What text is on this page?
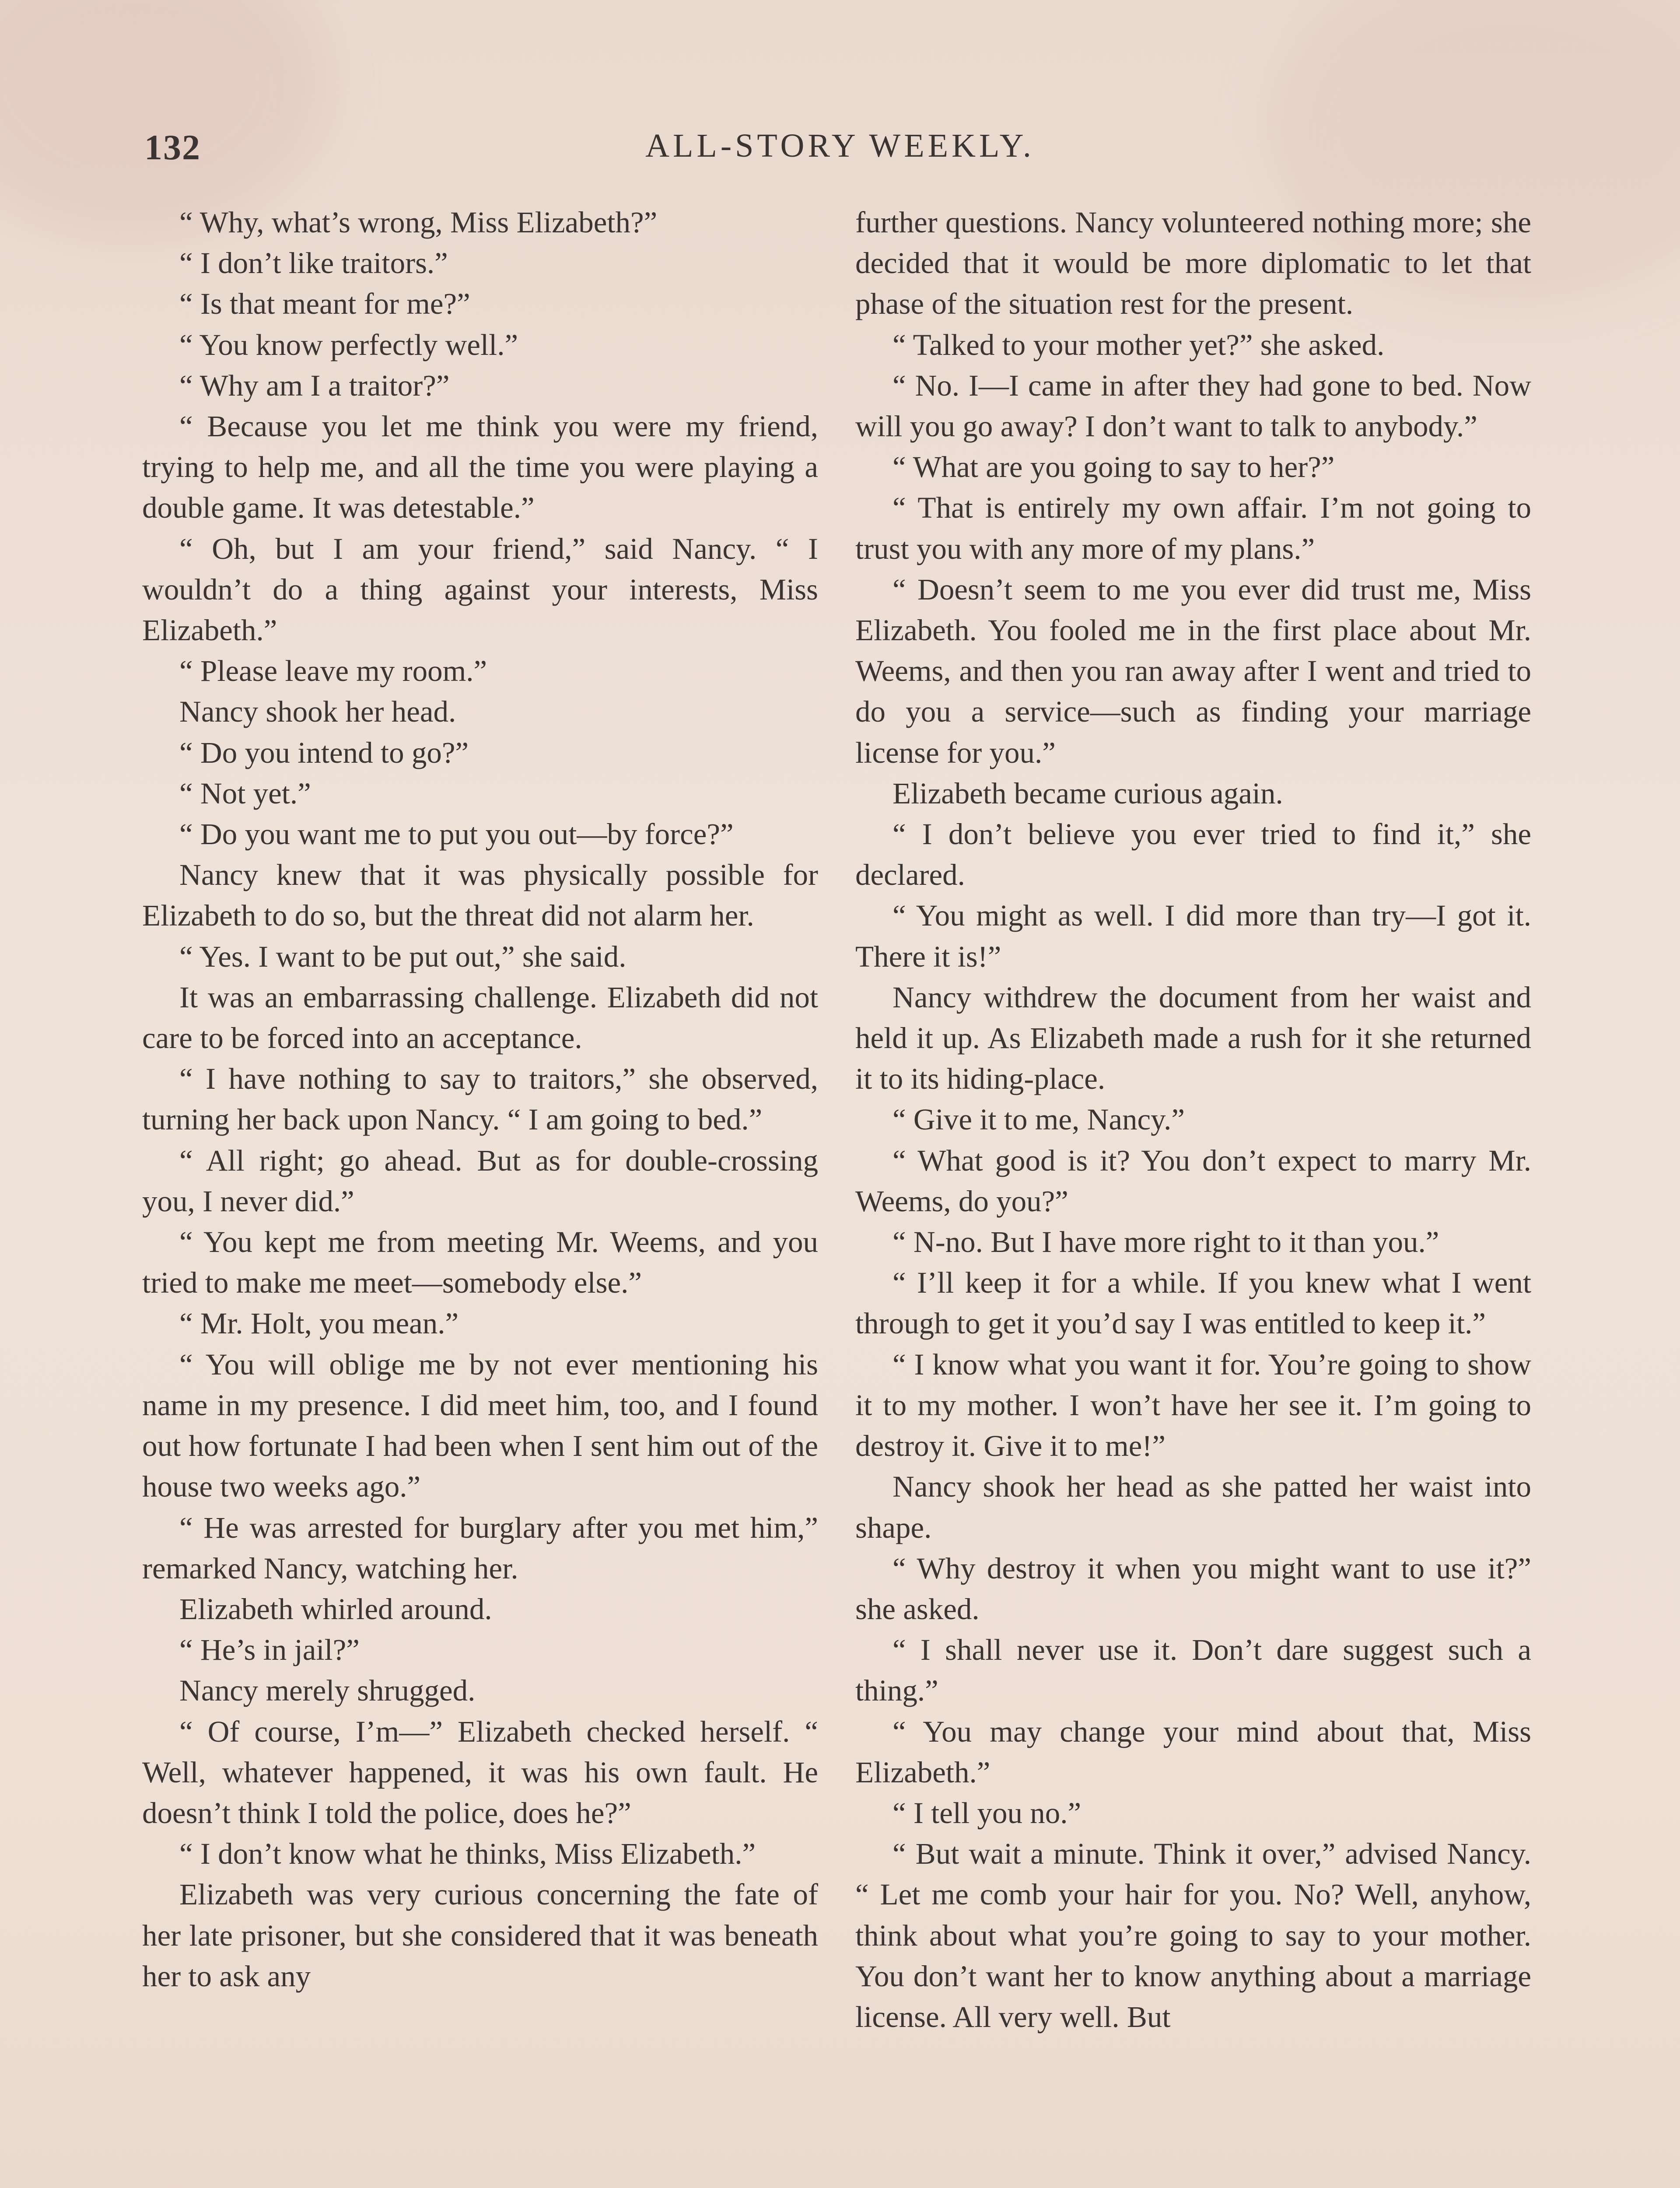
132	ALL-STORY WEEKLY.

“ Why, what’s wrong, Miss Elizabeth?”

“ I don’t like traitors.”

“ Is that meant for me?”

“ You know perfectly well.”

“ Why am I a traitor?”

“ Because you let me think you were my friend, trying to help me, and all the time you were playing a double game. It was detestable.”

“ Oh, but I am your friend,” said Nancy. “ I wouldn’t do a thing against your interests, Miss Elizabeth.”

“ Please leave my room.”

Nancy shook her head.

“ Do you intend to go?”

“ Not yet.”

“ Do you want me to put you out—by force?”

Nancy knew that it was physically possible for Elizabeth to do so, but the threat did not alarm her.

“ Yes. I want to be put out,” she said.

It was an embarrassing challenge. Elizabeth did not care to be forced into an acceptance.

“ I have nothing to say to traitors,” she observed, turning her back upon Nancy. “ I am going to bed.”

“ All right; go ahead. But as for double-crossing you, I never did.”

“ You kept me from meeting Mr. Weems, and you tried to make me meet—somebody else.”

“ Mr. Holt, you mean.”

“ You will oblige me by not ever mentioning his name in my presence. I did meet him, too, and I found out how fortunate I had been when I sent him out of the house two weeks ago.”

“ He was arrested for burglary after you met him,” remarked Nancy, watching her.

Elizabeth whirled around.

“ He’s in jail?”

Nancy merely shrugged.

“ Of course, I’m—” Elizabeth checked herself. “ Well, whatever happened, it was his own fault. He doesn’t think I told the police, does he?”

“ I don’t know what he thinks, Miss Elizabeth.”

Elizabeth was very curious concerning the fate of her late prisoner, but she considered that it was beneath her to ask any

further questions. Nancy volunteered nothing more; she decided that it would be more diplomatic to let that phase of the situation rest for the present.

“ Talked to your mother yet?” she asked.

“ No. I—I came in after they had gone to bed. Now will you go away? I don’t want to talk to anybody.”

“ What are you going to say to her?”

“ That is entirely my own affair. I’m not going to trust you with any more of my plans.”

“ Doesn’t seem to me you ever did trust me, Miss Elizabeth. You fooled me in the first place about Mr. Weems, and then you ran away after I went and tried to do you a service—such as finding your marriage license for you.”

Elizabeth became curious again.

“ I don’t believe you ever tried to find it,” she declared.

“ You might as well. I did more than try—I got it. There it is!”

Nancy withdrew the document from her waist and held it up. As Elizabeth made a rush for it she returned it to its hiding-place.

“ Give it to me, Nancy.”

“ What good is it? You don’t expect to marry Mr. Weems, do you?”

“ N-no. But I have more right to it than you.”

“ I’ll keep it for a while. If you knew what I went through to get it you’d say I was entitled to keep it.”

“ I know what you want it for. You’re going to show it to my mother. I won’t have her see it. I’m going to destroy it. Give it to me!”

Nancy shook her head as she patted her waist into shape.

“ Why destroy it when you might want to use it?” she asked.

“ I shall never use it. Don’t dare suggest such a thing.”

“ You may change your mind about that, Miss Elizabeth.”

“ I tell you no.”

“ But wait a minute. Think it over,” advised Nancy. “ Let me comb your hair for you. No? Well, anyhow, think about what you’re going to say to your mother. You don’t want her to know anything about a marriage license. All very well. But
